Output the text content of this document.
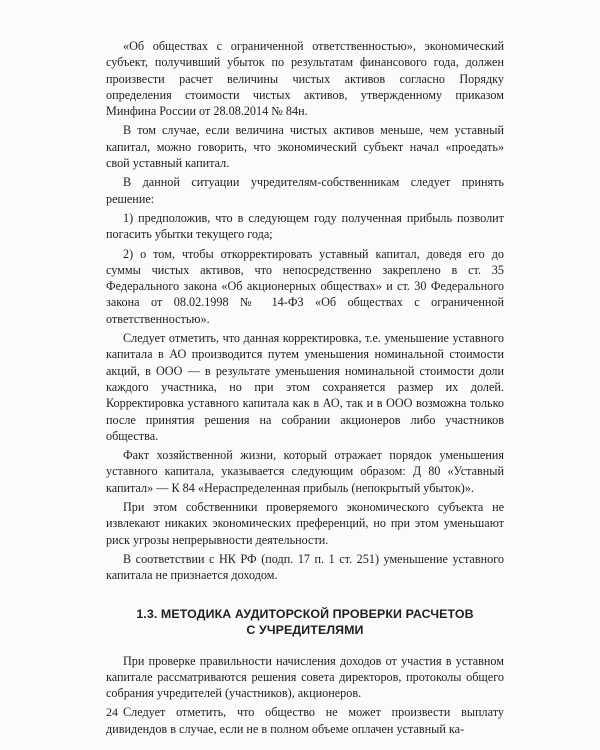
«Об обществах с ограниченной ответственностью», экономический субъект, получивший убыток по результатам финансового года, должен произвести расчет величины чистых активов согласно Порядку определения стоимости чистых активов, утвержденному приказом Минфина России от 28.08.2014 № 84н.

В том случае, если величина чистых активов меньше, чем уставный капитал, можно говорить, что экономический субъект начал «проедать» свой уставный капитал.

В данной ситуации учредителям-собственникам следует принять решение:

1) предположив, что в следующем году полученная прибыль позволит погасить убытки текущего года;

2) о том, чтобы откорректировать уставный капитал, доведя его до суммы чистых активов, что непосредственно закреплено в ст. 35 Федерального закона «Об акционерных обществах» и ст. 30 Федерального закона от 08.02.1998 № 14-ФЗ «Об обществах с ограниченной ответственностью».

Следует отметить, что данная корректировка, т.е. уменьшение уставного капитала в АО производится путем уменьшения номинальной стоимости акций, в ООО — в результате уменьшения номинальной стоимости доли каждого участника, но при этом сохраняется размер их долей. Корректировка уставного капитала как в АО, так и в ООО возможна только после принятия решения на собрании акционеров либо участников общества.

Факт хозяйственной жизни, который отражает порядок уменьшения уставного капитала, указывается следующим образом: Д 80 «Уставный капитал» — К 84 «Нераспределенная прибыль (непокрытый убыток)».

При этом собственники проверяемого экономического субъекта не извлекают никаких экономических преференций, но при этом уменьшают риск угрозы непрерывности деятельности.

В соответствии с НК РФ (подп. 17 п. 1 ст. 251) уменьшение уставного капитала не признается доходом.

1.3. МЕТОДИКА АУДИТОРСКОЙ ПРОВЕРКИ РАСЧЕТОВ
С УЧРЕДИТЕЛЯМИ

При проверке правильности начисления доходов от участия в уставном капитале рассматриваются решения совета директоров, протоколы общего собрания учредителей (участников), акционеров.

Следует отметить, что общество не может произвести выплату дивидендов в случае, если не в полном объеме оплачен уставный ка-

24
